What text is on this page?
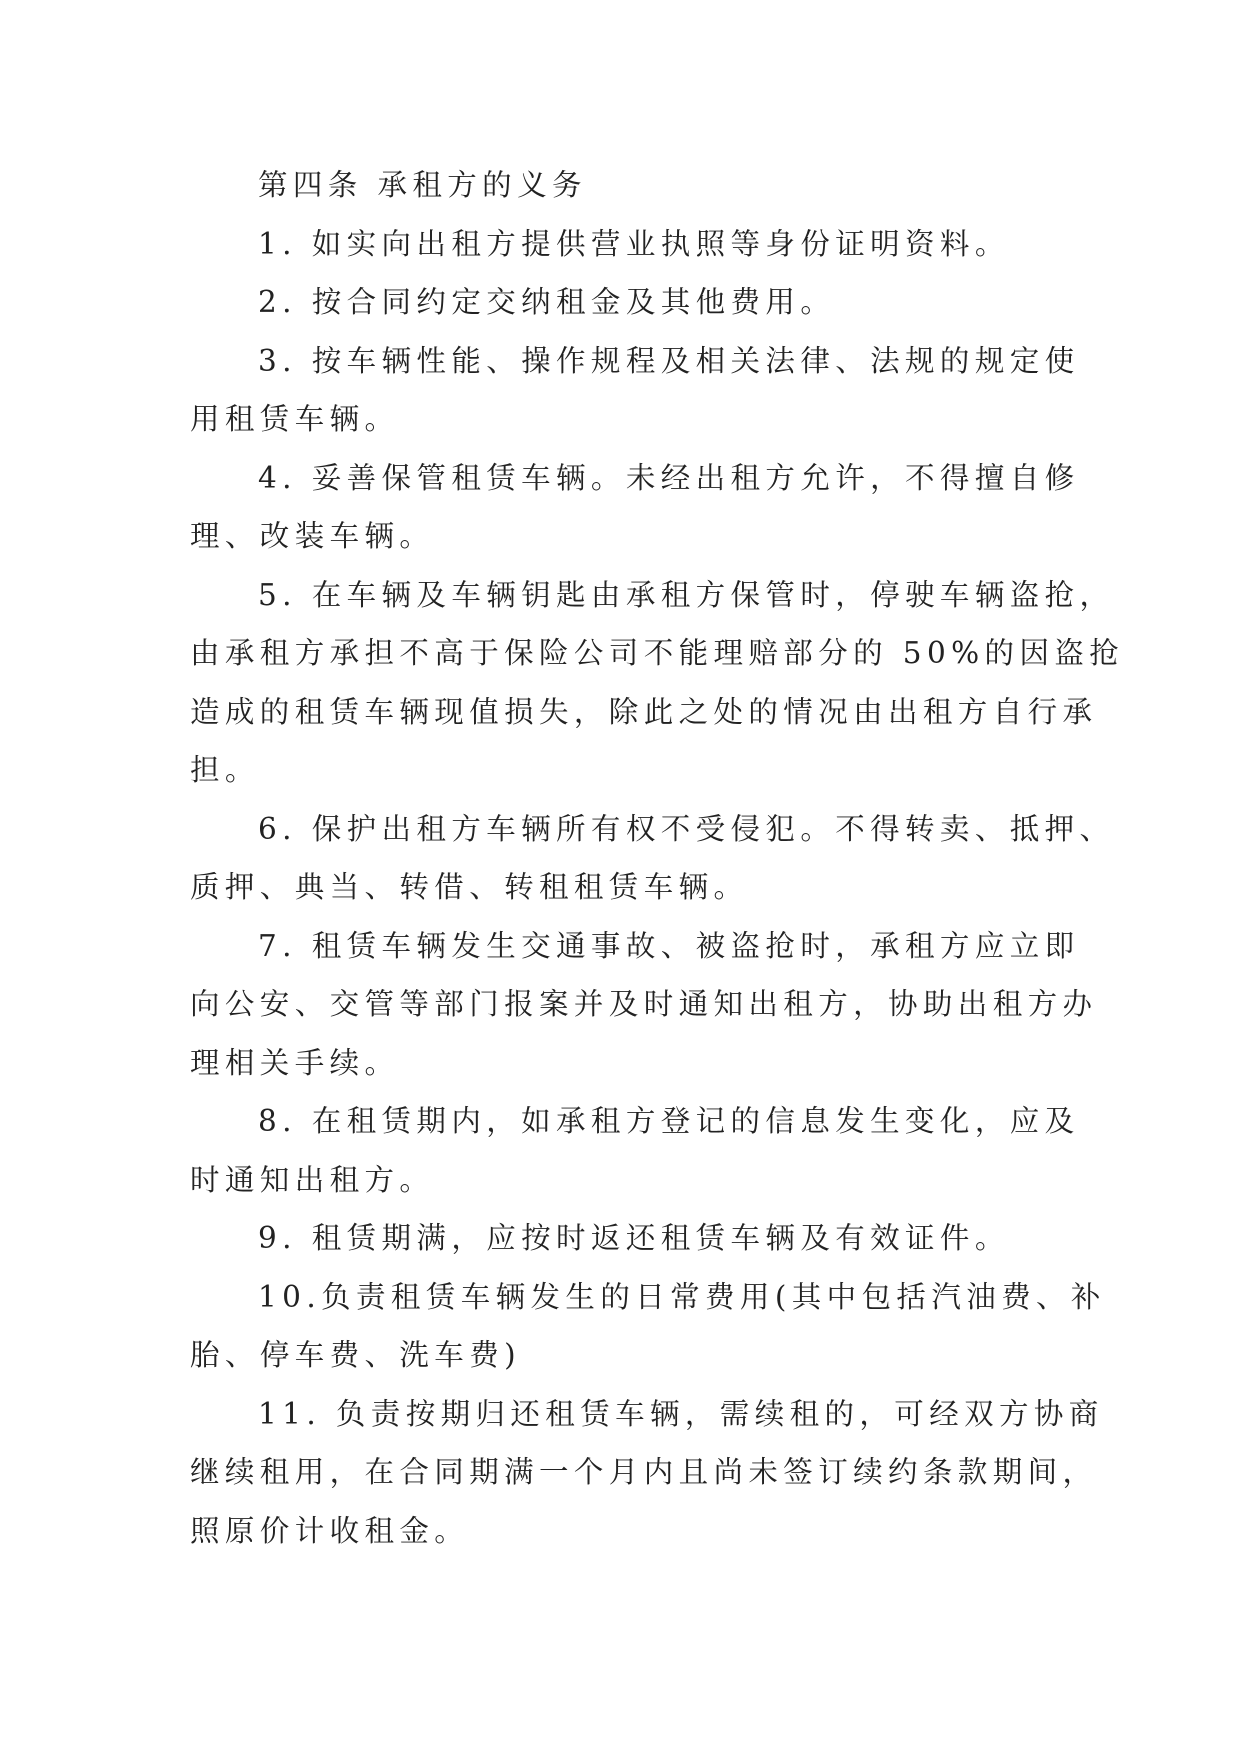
第四条 承租方的义务

1. 如实向出租方提供营业执照等身份证明资料。

2. 按合同约定交纳租金及其他费用。

3. 按车辆性能、操作规程及相关法律、法规的规定使
用租赁车辆。

4. 妥善保管租赁车辆。未经出租方允许，不得擅自修
理、改装车辆。

5. 在车辆及车辆钥匙由承租方保管时，停驶车辆盗抢，
由承租方承担不高于保险公司不能理赔部分的 50%的因盗抢
造成的租赁车辆现值损失，除此之处的情况由出租方自行承
担。

6. 保护出租方车辆所有权不受侵犯。不得转卖、抵押、
质押、典当、转借、转租租赁车辆。

7. 租赁车辆发生交通事故、被盗抢时，承租方应立即
向公安、交管等部门报案并及时通知出租方，协助出租方办
理相关手续。

8. 在租赁期内，如承租方登记的信息发生变化，应及
时通知出租方。

9. 租赁期满，应按时返还租赁车辆及有效证件。

10.负责租赁车辆发生的日常费用(其中包括汽油费、补
胎、停车费、洗车费)

11. 负责按期归还租赁车辆，需续租的，可经双方协商
继续租用，在合同期满一个月内且尚未签订续约条款期间，
照原价计收租金。
